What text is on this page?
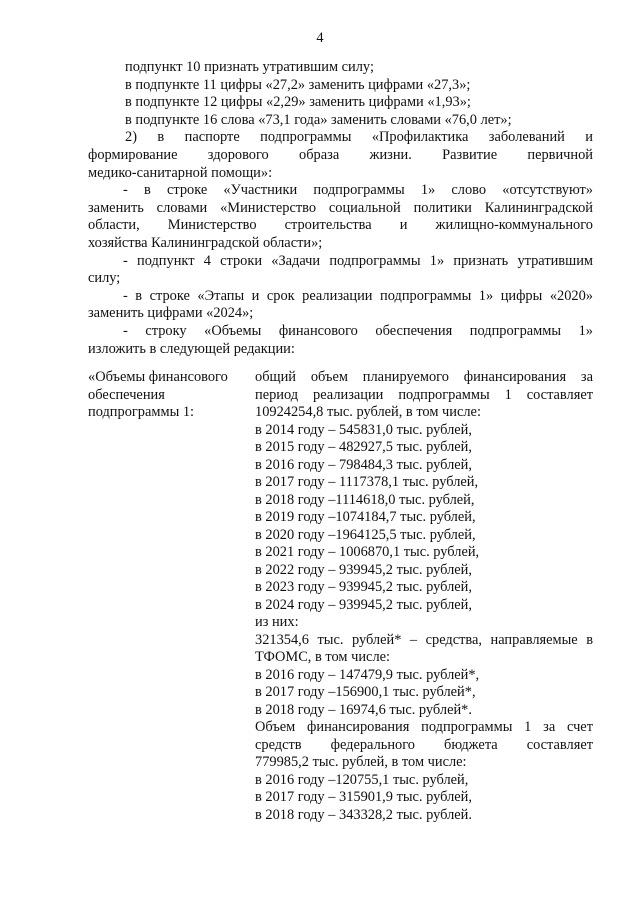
4
подпункт 10 признать утратившим силу;
в подпункте 11 цифры «27,2» заменить цифрами «27,3»;
в подпункте 12 цифры «2,29» заменить цифрами «1,93»;
в подпункте 16 слова «73,1 года» заменить словами «76,0 лет»;
2) в паспорте подпрограммы «Профилактика заболеваний и
формирование здорового образа жизни. Развитие первичной
медико-санитарной помощи»:
- в строке «Участники подпрограммы 1» слово «отсутствуют»
заменить словами «Министерство социальной политики Калининградской
области, Министерство строительства и жилищно-коммунального
хозяйства Калининградской области»;
- подпункт 4 строки «Задачи подпрограммы 1» признать утратившим
силу;
- в строке «Этапы и срок реализации подпрограммы 1» цифры «2020»
заменить цифрами «2024»;
- строку «Объемы финансового обеспечения подпрограммы 1»
изложить в следующей редакции:
«Объемы финансового
обеспечения
подпрограммы 1:
общий объем планируемого финансирования за
период реализации подпрограммы 1 составляет
10924254,8 тыс. рублей, в том числе:
в 2014 году – 545831,0 тыс. рублей,
в 2015 году – 482927,5 тыс. рублей,
в 2016 году – 798484,3 тыс. рублей,
в 2017 году – 1117378,1 тыс. рублей,
в 2018 году –1114618,0 тыс. рублей,
в 2019 году –1074184,7 тыс. рублей,
в 2020 году –1964125,5 тыс. рублей,
в 2021 году – 1006870,1 тыс. рублей,
в 2022 году – 939945,2 тыс. рублей,
в 2023 году – 939945,2 тыс. рублей,
в 2024 году – 939945,2 тыс. рублей,
из них:
321354,6 тыс. рублей* – средства, направляемые в
ТФОМС, в том числе:
в 2016 году – 147479,9 тыс. рублей*,
в 2017 году –156900,1 тыс. рублей*,
в 2018 году – 16974,6 тыс. рублей*.
Объем финансирования подпрограммы 1 за счет
средств федерального бюджета составляет
779985,2 тыс. рублей, в том числе:
в 2016 году –120755,1 тыс. рублей,
в 2017 году – 315901,9 тыс. рублей,
в 2018 году – 343328,2 тыс. рублей.
